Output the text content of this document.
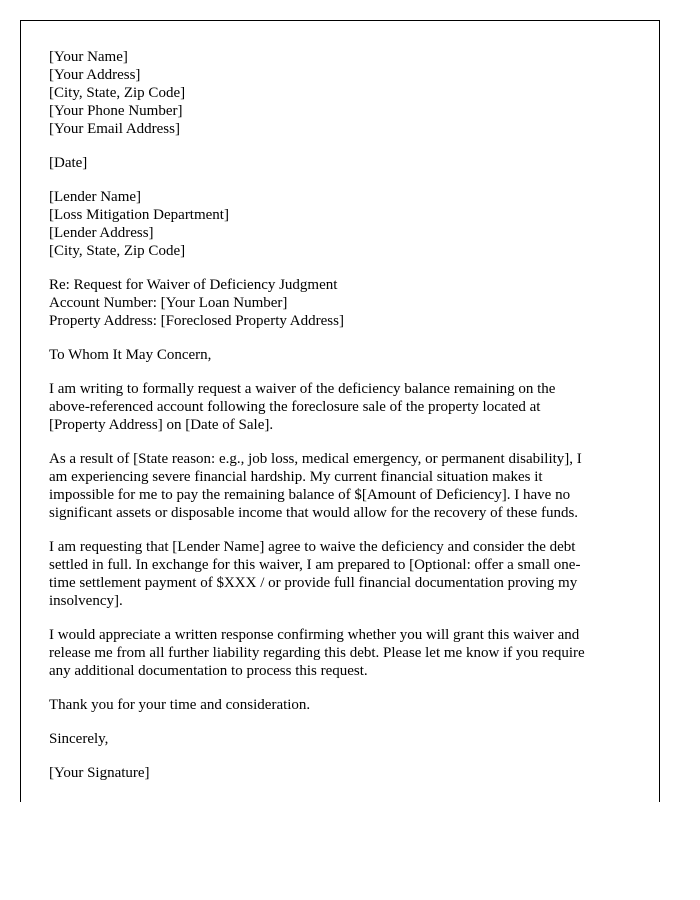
[Your Name]
[Your Address]
[City, State, Zip Code]
[Your Phone Number]
[Your Email Address]
[Date]
[Lender Name]
[Loss Mitigation Department]
[Lender Address]
[City, State, Zip Code]
Re: Request for Waiver of Deficiency Judgment
Account Number: [Your Loan Number]
Property Address: [Foreclosed Property Address]
To Whom It May Concern,
I am writing to formally request a waiver of the deficiency balance remaining on the
above-referenced account following the foreclosure sale of the property located at
[Property Address] on [Date of Sale].
As a result of [State reason: e.g., job loss, medical emergency, or permanent disability], I
am experiencing severe financial hardship. My current financial situation makes it
impossible for me to pay the remaining balance of $[Amount of Deficiency]. I have no
significant assets or disposable income that would allow for the recovery of these funds.
I am requesting that [Lender Name] agree to waive the deficiency and consider the debt
settled in full. In exchange for this waiver, I am prepared to [Optional: offer a small one-
time settlement payment of $XXX / or provide full financial documentation proving my
insolvency].
I would appreciate a written response confirming whether you will grant this waiver and
release me from all further liability regarding this debt. Please let me know if you require
any additional documentation to process this request.
Thank you for your time and consideration.
Sincerely,
[Your Signature]
